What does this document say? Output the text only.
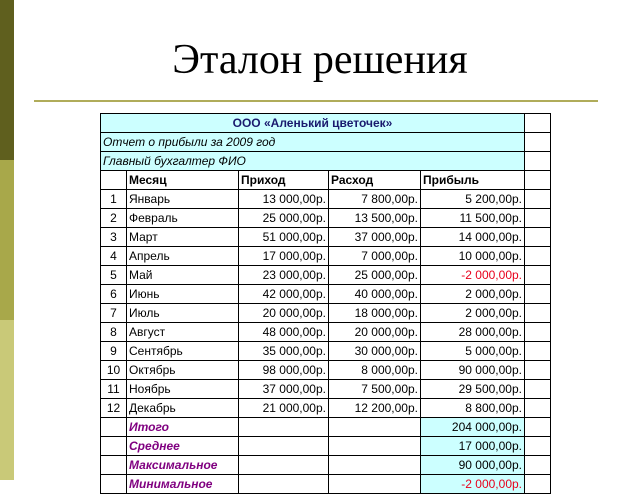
Эталон решения
ООО «Аленький цветочек»					
Отчет о прибыли за 2009 год					
Главный бухгалтер ФИО					
	Месяц	Приход	Расход	Прибыль	
1	Январь	13 000,00р.	7 800,00р.	5 200,00р.	
2	Февраль	25 000,00р.	13 500,00р.	11 500,00р.	
3	Март	51 000,00р.	37 000,00р.	14 000,00р.	
4	Апрель	17 000,00р.	7 000,00р.	10 000,00р.	
5	Май	23 000,00р.	25 000,00р.	-2 000,00р.	
6	Июнь	42 000,00р.	40 000,00р.	2 000,00р.	
7	Июль	20 000,00р.	18 000,00р.	2 000,00р.	
8	Август	48 000,00р.	20 000,00р.	28 000,00р.	
9	Сентябрь	35 000,00р.	30 000,00р.	5 000,00р.	
10	Октябрь	98 000,00р.	8 000,00р.	90 000,00р.	
11	Ноябрь	37 000,00р.	7 500,00р.	29 500,00р.	
12	Декабрь	21 000,00р.	12 200,00р.	8 800,00р.	
	Итого			204 000,00р.	
	Среднее			17 000,00р.	
	Максимальное			90 000,00р.	
	Минимальное			-2 000,00р.	
